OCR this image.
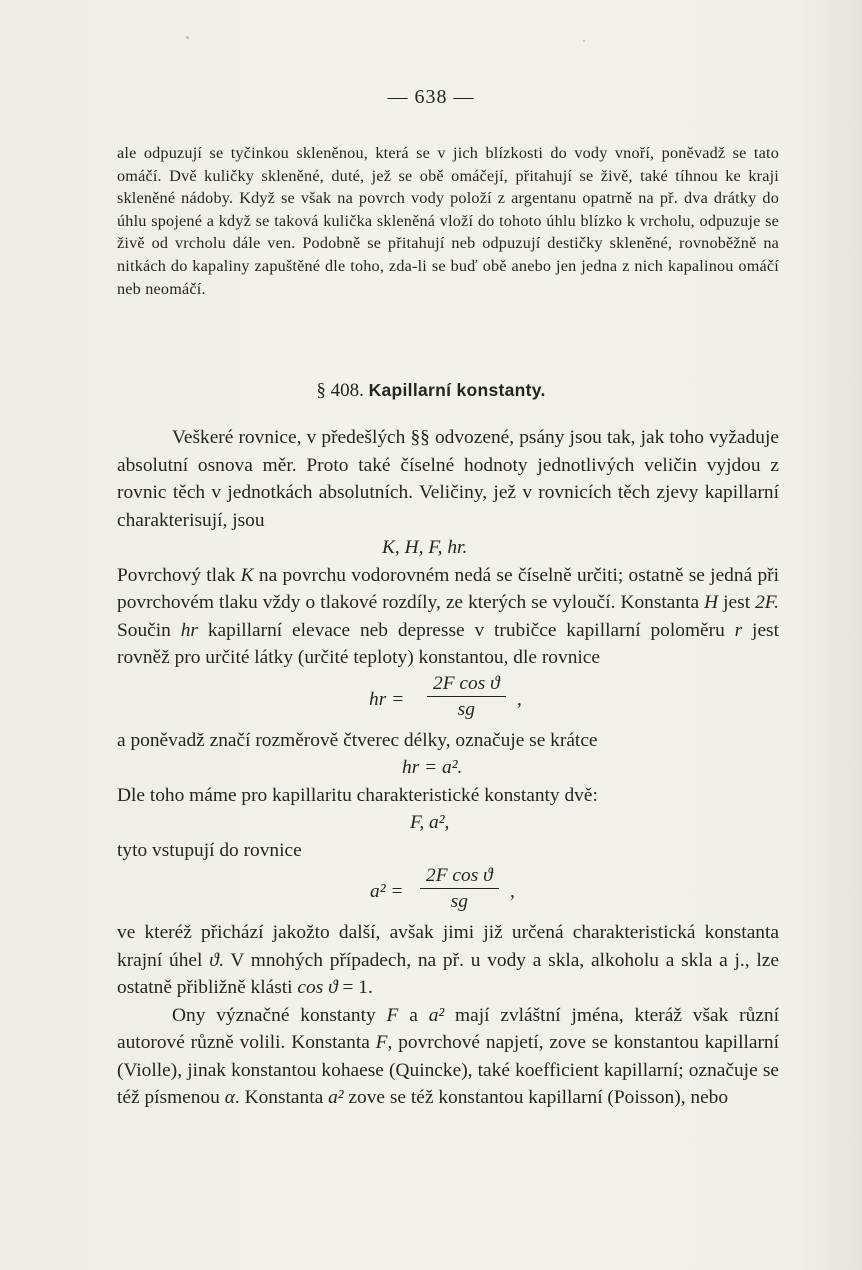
— 638 —

ale odpuzují se tyčinkou skleněnou, která se v jich blízkosti do vody vnoří, poněvadž se tato omáčí. Dvě kuličky skleněné, duté, jež se obě omáčejí, přitahují se živě, také tíhnou ke kraji skleněné nádoby. Když se však na povrch vody položí z argentanu opatrně na př. dva drátky do úhlu spojené a když se taková kulička skleněná vloží do tohoto úhlu blízko k vrcholu, odpuzuje se živě od vrcholu dále ven. Podobně se přitahují neb odpuzují destičky skleněné, rovnoběžně na nitkách do kapaliny zapuštěné dle toho, zda-li se buď obě anebo jen jedna z nich kapalinou omáčí neb neomáčí.

§ 408. Kapillarní konstanty.

Veškeré rovnice, v předešlých §§ odvozené, psány jsou tak, jak toho vyžaduje absolutní osnova měr. Proto také číselné hodnoty jednotlivých veličin vyjdou z rovnic těch v jednotkách absolutních. Veličiny, jež v rovnicích těch zjevy kapillarní charakterisují, jsou

K, H, F, hr.

Povrchový tlak K na povrchu vodorovném nedá se číselně určiti; ostatně se jedná při povrchovém tlaku vždy o tlakové rozdíly, ze kterých se vyloučí. Konstanta H jest 2F. Součin hr kapillarní elevace neb depresse v trubičce kapillarní poloměru r jest rovněž pro určité látky (určité teploty) konstantou, dle rovnice

hr = $\frac{\text{2F cos ϑ}}{sg}$ ,

a poněvadž značí rozměrově čtverec délky, označuje se krátce

hr = a².

Dle toho máme pro kapillaritu charakteristické konstanty dvě:

F, a²,

tyto vstupují do rovnice

$a^2 = \frac{\text{2F cos ϑ}}{sg}$ ,

ve kteréž přichází jakožto další, avšak jimi již určená charakteristická konstanta krajní úhel ϑ. V mnohých případech, na př. u vody a skla, alkoholu a skla a j., lze ostatně přibližně klásti cos ϑ = 1.

Ony význačné konstanty F a a² mají zvláštní jména, kteráž však různí autorové různě volili. Konstanta F, povrchové napjetí, zove se konstantou kapillarní (Violle), jinak konstantou kohaese (Quincke), také koefficient kapillarní; označuje se též písmenou α. Konstanta a² zove se též konstantou kapillarní (Poisson), nebo
